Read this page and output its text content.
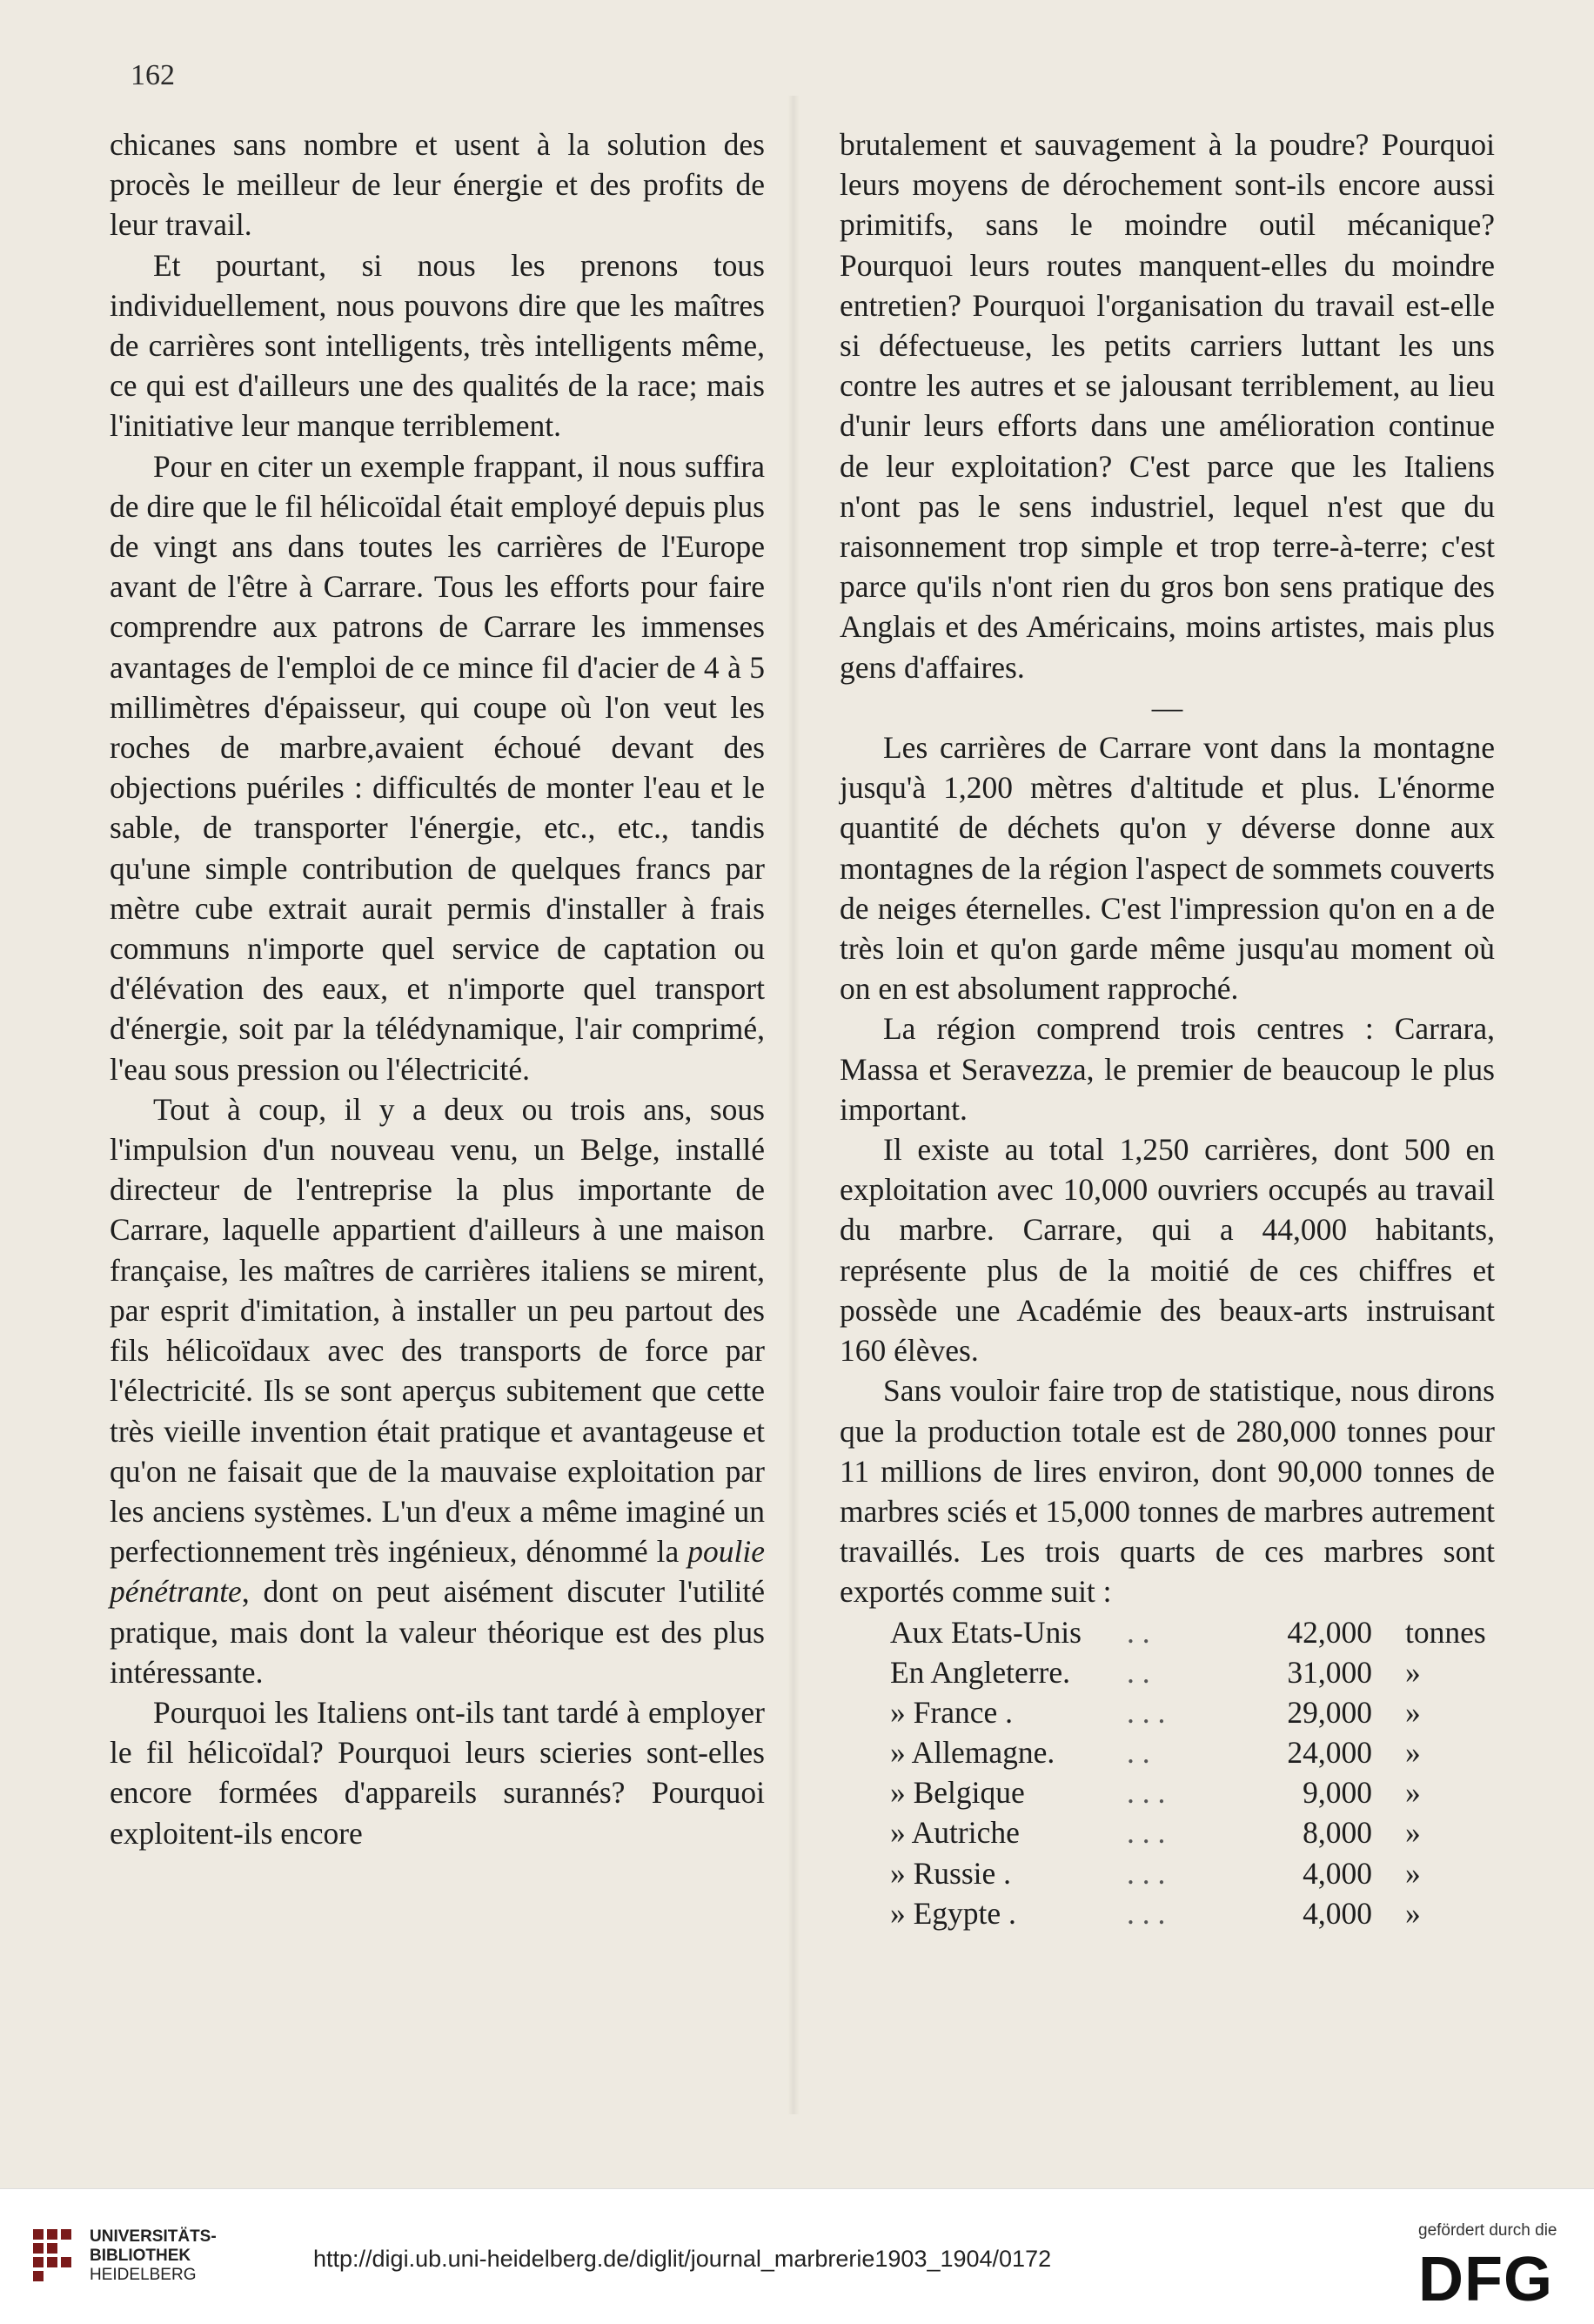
162

chicanes sans nombre et usent à la solution des procès le meilleur de leur énergie et des profits de leur travail.

Et pourtant, si nous les prenons tous individuellement, nous pouvons dire que les maîtres de carrières sont intelligents, très intelligents même, ce qui est d'ailleurs une des qualités de la race; mais l'initiative leur manque terriblement.

Pour en citer un exemple frappant, il nous suffira de dire que le fil hélicoïdal était employé depuis plus de vingt ans dans toutes les carrières de l'Europe avant de l'être à Carrare. Tous les efforts pour faire comprendre aux patrons de Carrare les immenses avantages de l'emploi de ce mince fil d'acier de 4 à 5 millimètres d'épaisseur, qui coupe où l'on veut les roches de marbre,avaient échoué devant des objections puériles : difficultés de monter l'eau et le sable, de transporter l'énergie, etc., etc., tandis qu'une simple contribution de quelques francs par mètre cube extrait aurait permis d'installer à frais communs n'importe quel service de captation ou d'élévation des eaux, et n'importe quel transport d'énergie, soit par la télédynamique, l'air comprimé, l'eau sous pression ou l'électricité.

Tout à coup, il y a deux ou trois ans, sous l'impulsion d'un nouveau venu, un Belge, installé directeur de l'entreprise la plus importante de Carrare, laquelle appartient d'ailleurs à une maison française, les maîtres de carrières italiens se mirent, par esprit d'imitation, à installer un peu partout des fils hélicoïdaux avec des transports de force par l'électricité. Ils se sont aperçus subitement que cette très vieille invention était pratique et avantageuse et qu'on ne faisait que de la mauvaise exploitation par les anciens systèmes. L'un d'eux a même imaginé un perfectionnement très ingénieux, dénommé la poulie pénétrante, dont on peut aisément discuter l'utilité pratique, mais dont la valeur théorique est des plus intéressante.

Pourquoi les Italiens ont-ils tant tardé à employer le fil hélicoïdal? Pourquoi leurs scieries sont-elles encore formées d'appareils surannés? Pourquoi exploitent-ils encore

brutalement et sauvagement à la poudre? Pourquoi leurs moyens de dérochement sont-ils encore aussi primitifs, sans le moindre outil mécanique? Pourquoi leurs routes manquent-elles du moindre entretien? Pourquoi l'organisation du travail est-elle si défectueuse, les petits carriers luttant les uns contre les autres et se jalousant terriblement, au lieu d'unir leurs efforts dans une amélioration continue de leur exploitation? C'est parce que les Italiens n'ont pas le sens industriel, lequel n'est que du raisonnement trop simple et trop terre-à-terre; c'est parce qu'ils n'ont rien du gros bon sens pratique des Anglais et des Américains, moins artistes, mais plus gens d'affaires.

—

Les carrières de Carrare vont dans la montagne jusqu'à 1,200 mètres d'altitude et plus. L'énorme quantité de déchets qu'on y déverse donne aux montagnes de la région l'aspect de sommets couverts de neiges éternelles. C'est l'impression qu'on en a de très loin et qu'on garde même jusqu'au moment où on en est absolument rapproché.

La région comprend trois centres : Carrara, Massa et Seravezza, le premier de beaucoup le plus important.

Il existe au total 1,250 carrières, dont 500 en exploitation avec 10,000 ouvriers occupés au travail du marbre. Carrare, qui a 44,000 habitants, représente plus de la moitié de ces chiffres et possède une Académie des beaux-arts instruisant 160 élèves.

Sans vouloir faire trop de statistique, nous dirons que la production totale est de 280,000 tonnes pour 11 millions de lires environ, dont 90,000 tonnes de marbres sciés et 15,000 tonnes de marbres autrement travaillés. Les trois quarts de ces marbres sont exportés comme suit :

Aux Etats-Unis	. .	42,000	tonnes
En Angleterre.	. .	31,000	»
» France .	. . .	29,000	»
» Allemagne.	. .	24,000	»
» Belgique	. . .	9,000	»
» Autriche	. . .	8,000	»
» Russie .	. . .	4,000	»
» Egypte .	. . .	4,000	»
UNIVERSITÄTS-
BIBLIOTHEK
HEIDELBERG
http://digi.ub.uni-heidelberg.de/diglit/journal_marbrerie1903_1904/0172
gefördert durch die
DFG
